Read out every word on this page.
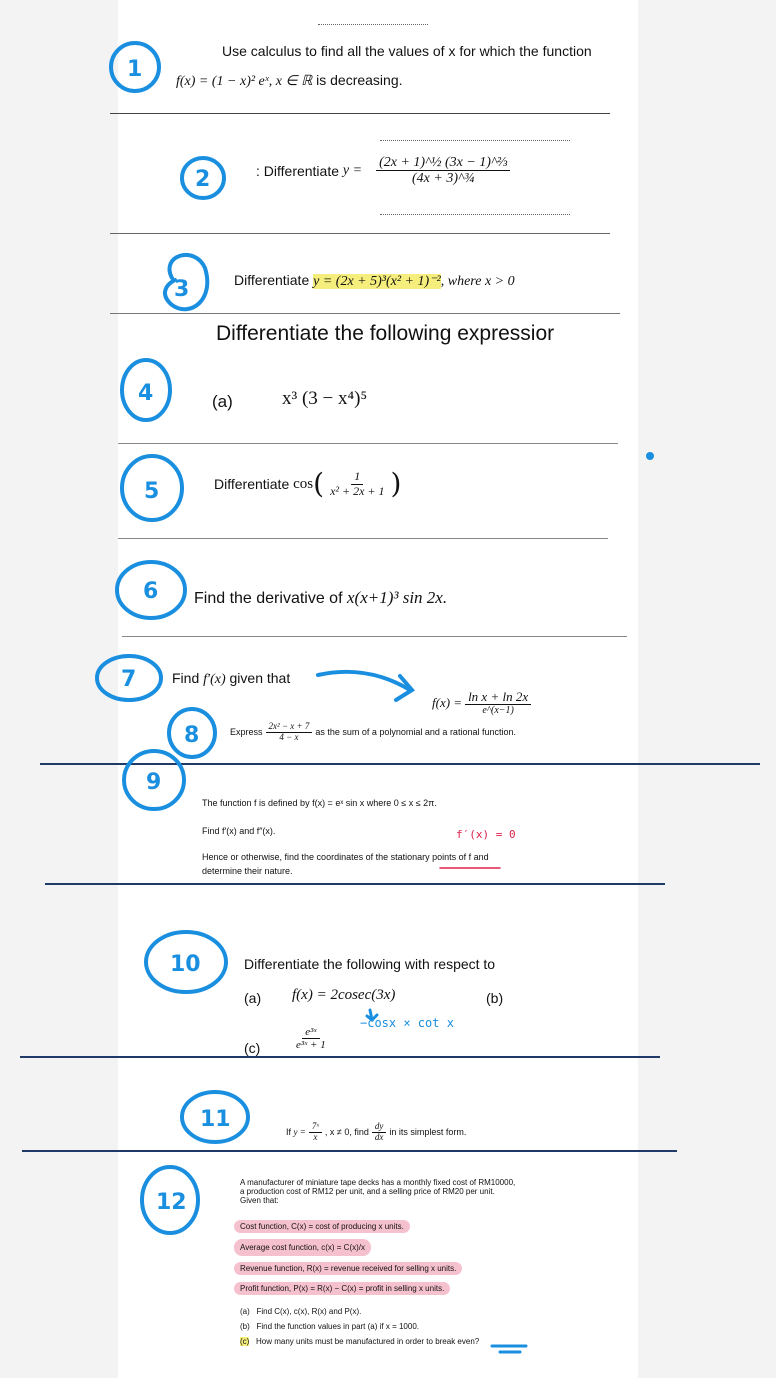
Use calculus to find all the values of x for which the function
f(x) = (1 − x)² eˣ, x ∈ ℝ is decreasing.
: Differentiate
$y = \frac{\text{(2x + 1)\textasciicircum{}½ (3x − 1)\textasciicircum{}⅔}}{\text{(4x + 3)\textasciicircum{}¾}}$
Differentiate y = (2x + 5)³(x² + 1)⁻², where x > 0
Differentiate the following expressior
(a)	x³ (3 − x⁴)⁵
Differentiate
cos ( $\frac{1}{\text{x² + 2x + 1}}$ )
Find the derivative of x(x+1)³ sin 2x.
Find f′(x) given that
$f(x) = \frac{\text{ln x + ln 2x}}{e\^{}(x-1)}$
Express $\frac{\text{2x² − x + 7}}{4 - x}$ as the sum of a polynomial and a rational function.
The function f is defined by f(x) = eˣ sin x where 0 ≤ x ≤ 2π.
Find f′(x) and f″(x).	f′(x) = 0
Hence or otherwise, find the coordinates of the stationary points of f and
determine their nature.
Differentiate the following with respect to
(a) f(x) = 2cosec(3x)	(b)
−cosx × cot x
(c)	$\frac{\text{e³ˣ}}{\text{e³ˣ + 1}}$
If
$y = \frac{\text{7ˣ}}{x}$ , x ≠ 0, find $\frac{dy}{dx}$ in its simplest form.
A manufacturer of miniature tape decks has a monthly fixed cost of RM10000,
a production cost of RM12 per unit, and a selling price of RM20 per unit.
Given that:
Cost function, C(x) = cost of producing x units.
Average cost function, c(x) = C(x)/x
Revenue function, R(x) = revenue received for selling x units.
Profit function, P(x) = R(x) − C(x) = profit in selling x units.
(a) Find C(x), c(x), R(x) and P(x).
(b) Find the function values in part (a) if x = 1000.
(c) How many units must be manufactured in order to break even?
1
2
3
4
5
6
7
8
9
10
11
12
